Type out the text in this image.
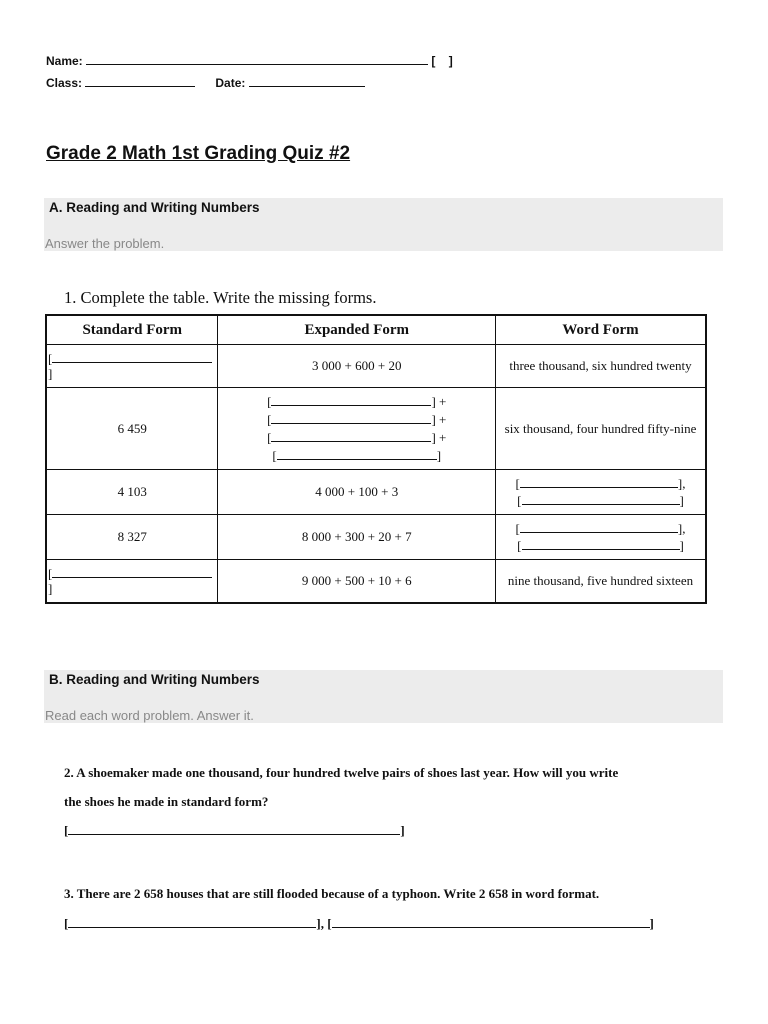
Name:	[    ]
Class:	Date:
Grade 2 Math 1st Grading Quiz #2
A. Reading and Writing Numbers
Answer the problem.
1. Complete the table. Write the missing forms.
Standard Form	Expanded Form	Word Form
[]	3 000 + 600 + 20	three thousand, six hundred twenty
6 459	[ ] +
[ ] +
[ ] +
[ ]	six thousand, four hundred fifty-nine
4 103	4 000 + 100 + 3	[ ],
[ ]

8 327	8 000 + 300 + 20 + 7	[ ],
[ ]

[]	9 000 + 500 + 10 + 6	nine thousand, five hundred sixteen
B. Reading and Writing Numbers
Read each word problem. Answer it.
2. A shoemaker made one thousand, four hundred twelve pairs of shoes last year. How will you write
the shoes he made in standard form?
[	]
3. There are 2 658 houses that are still flooded because of a typhoon. Write 2 658 in word format.
[	], [	]
